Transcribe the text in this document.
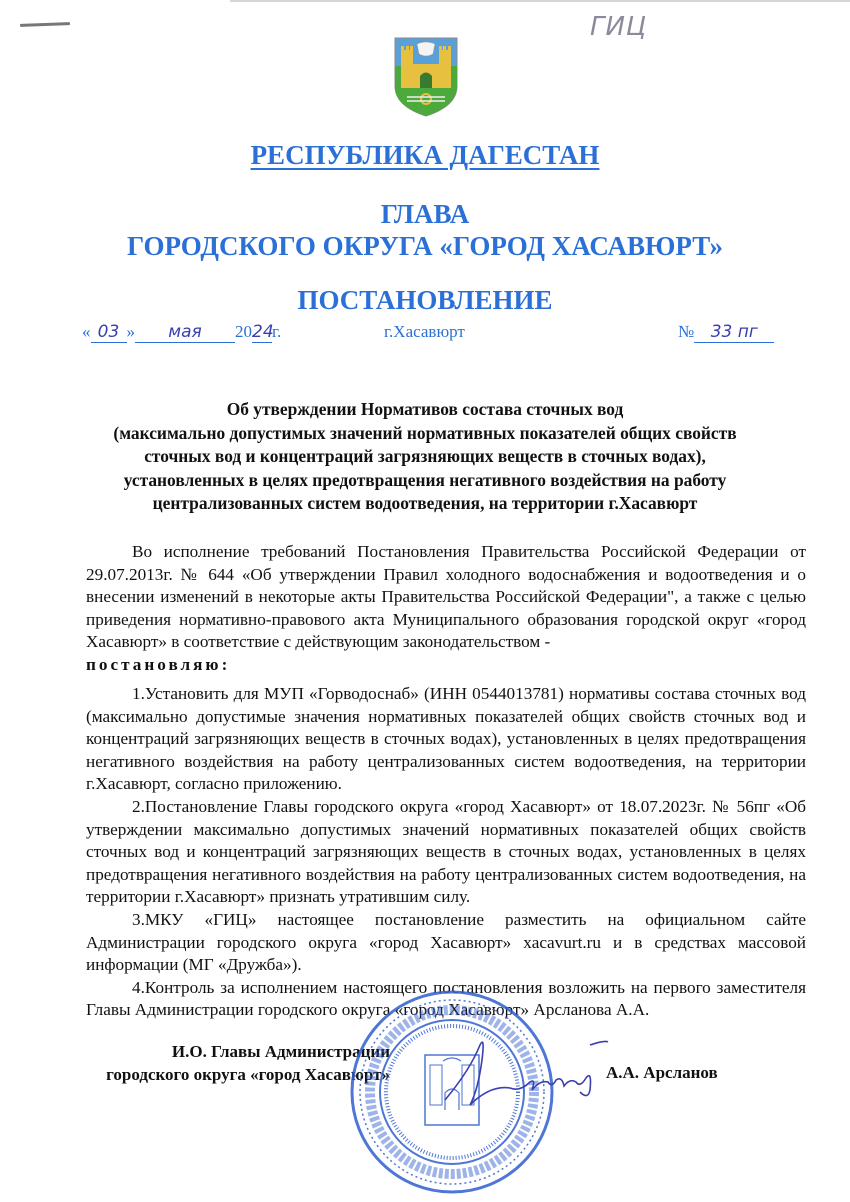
ГИЦ
РЕСПУБЛИКА ДАГЕСТАН
ГЛАВА
ГОРОДСКОГО ОКРУГА «ГОРОД ХАСАВЮРТ»
ПОСТАНОВЛЕНИЕ
« 03 » мая 2024г.	г.Хасавюрт	№ 33 пг
Об утверждении Нормативов состава сточных вод
(максимально допустимых значений нормативных показателей общих свойств
сточных вод и концентраций загрязняющих веществ в сточных водах),
установленных в целях предотвращения негативного воздействия на работу
централизованных систем водоотведения, на территории г.Хасавюрт
Во исполнение требований Постановления Правительства Российской Федерации от 29.07.2013г. № 644 «Об утверждении Правил холодного водоснабжения и водоотведения и о внесении изменений в некоторые акты Правительства Российской Федерации", а также с целью приведения нормативно-правового акта Муниципального образования городской округ «город Хасавюрт» в соответствие с действующим законодательством -
постановляю:

1.Установить для МУП «Горводоснаб» (ИНН 0544013781) нормативы состава сточных вод (максимально допустимые значения нормативных показателей общих свойств сточных вод и концентраций загрязняющих веществ в сточных водах), установленных в целях предотвращения негативного воздействия на работу централизованных систем водоотведения, на территории г.Хасавюрт, согласно приложению.

2.Постановление Главы городского округа «город Хасавюрт» от 18.07.2023г. № 56пг «Об утверждении максимально допустимых значений нормативных показателей общих свойств сточных вод и концентраций загрязняющих веществ в сточных водах, установленных в целях предотвращения негативного воздействия на работу централизованных систем водоотведения, на территории г.Хасавюрт» признать утратившим силу.

3.МКУ «ГИЦ» настоящее постановление разместить на официальном сайте Администрации городского округа «город Хасавюрт» xacavurt.ru и в средствах массовой информации (МГ «Дружба»).

4.Контроль за исполнением настоящего постановления возложить на первого заместителя Главы Администрации городского округа «город Хасавюрт» Арсланова А.А.

И.О. Главы Администрации
городского округа «город Хасавюрт»	А.А. Арсланов
